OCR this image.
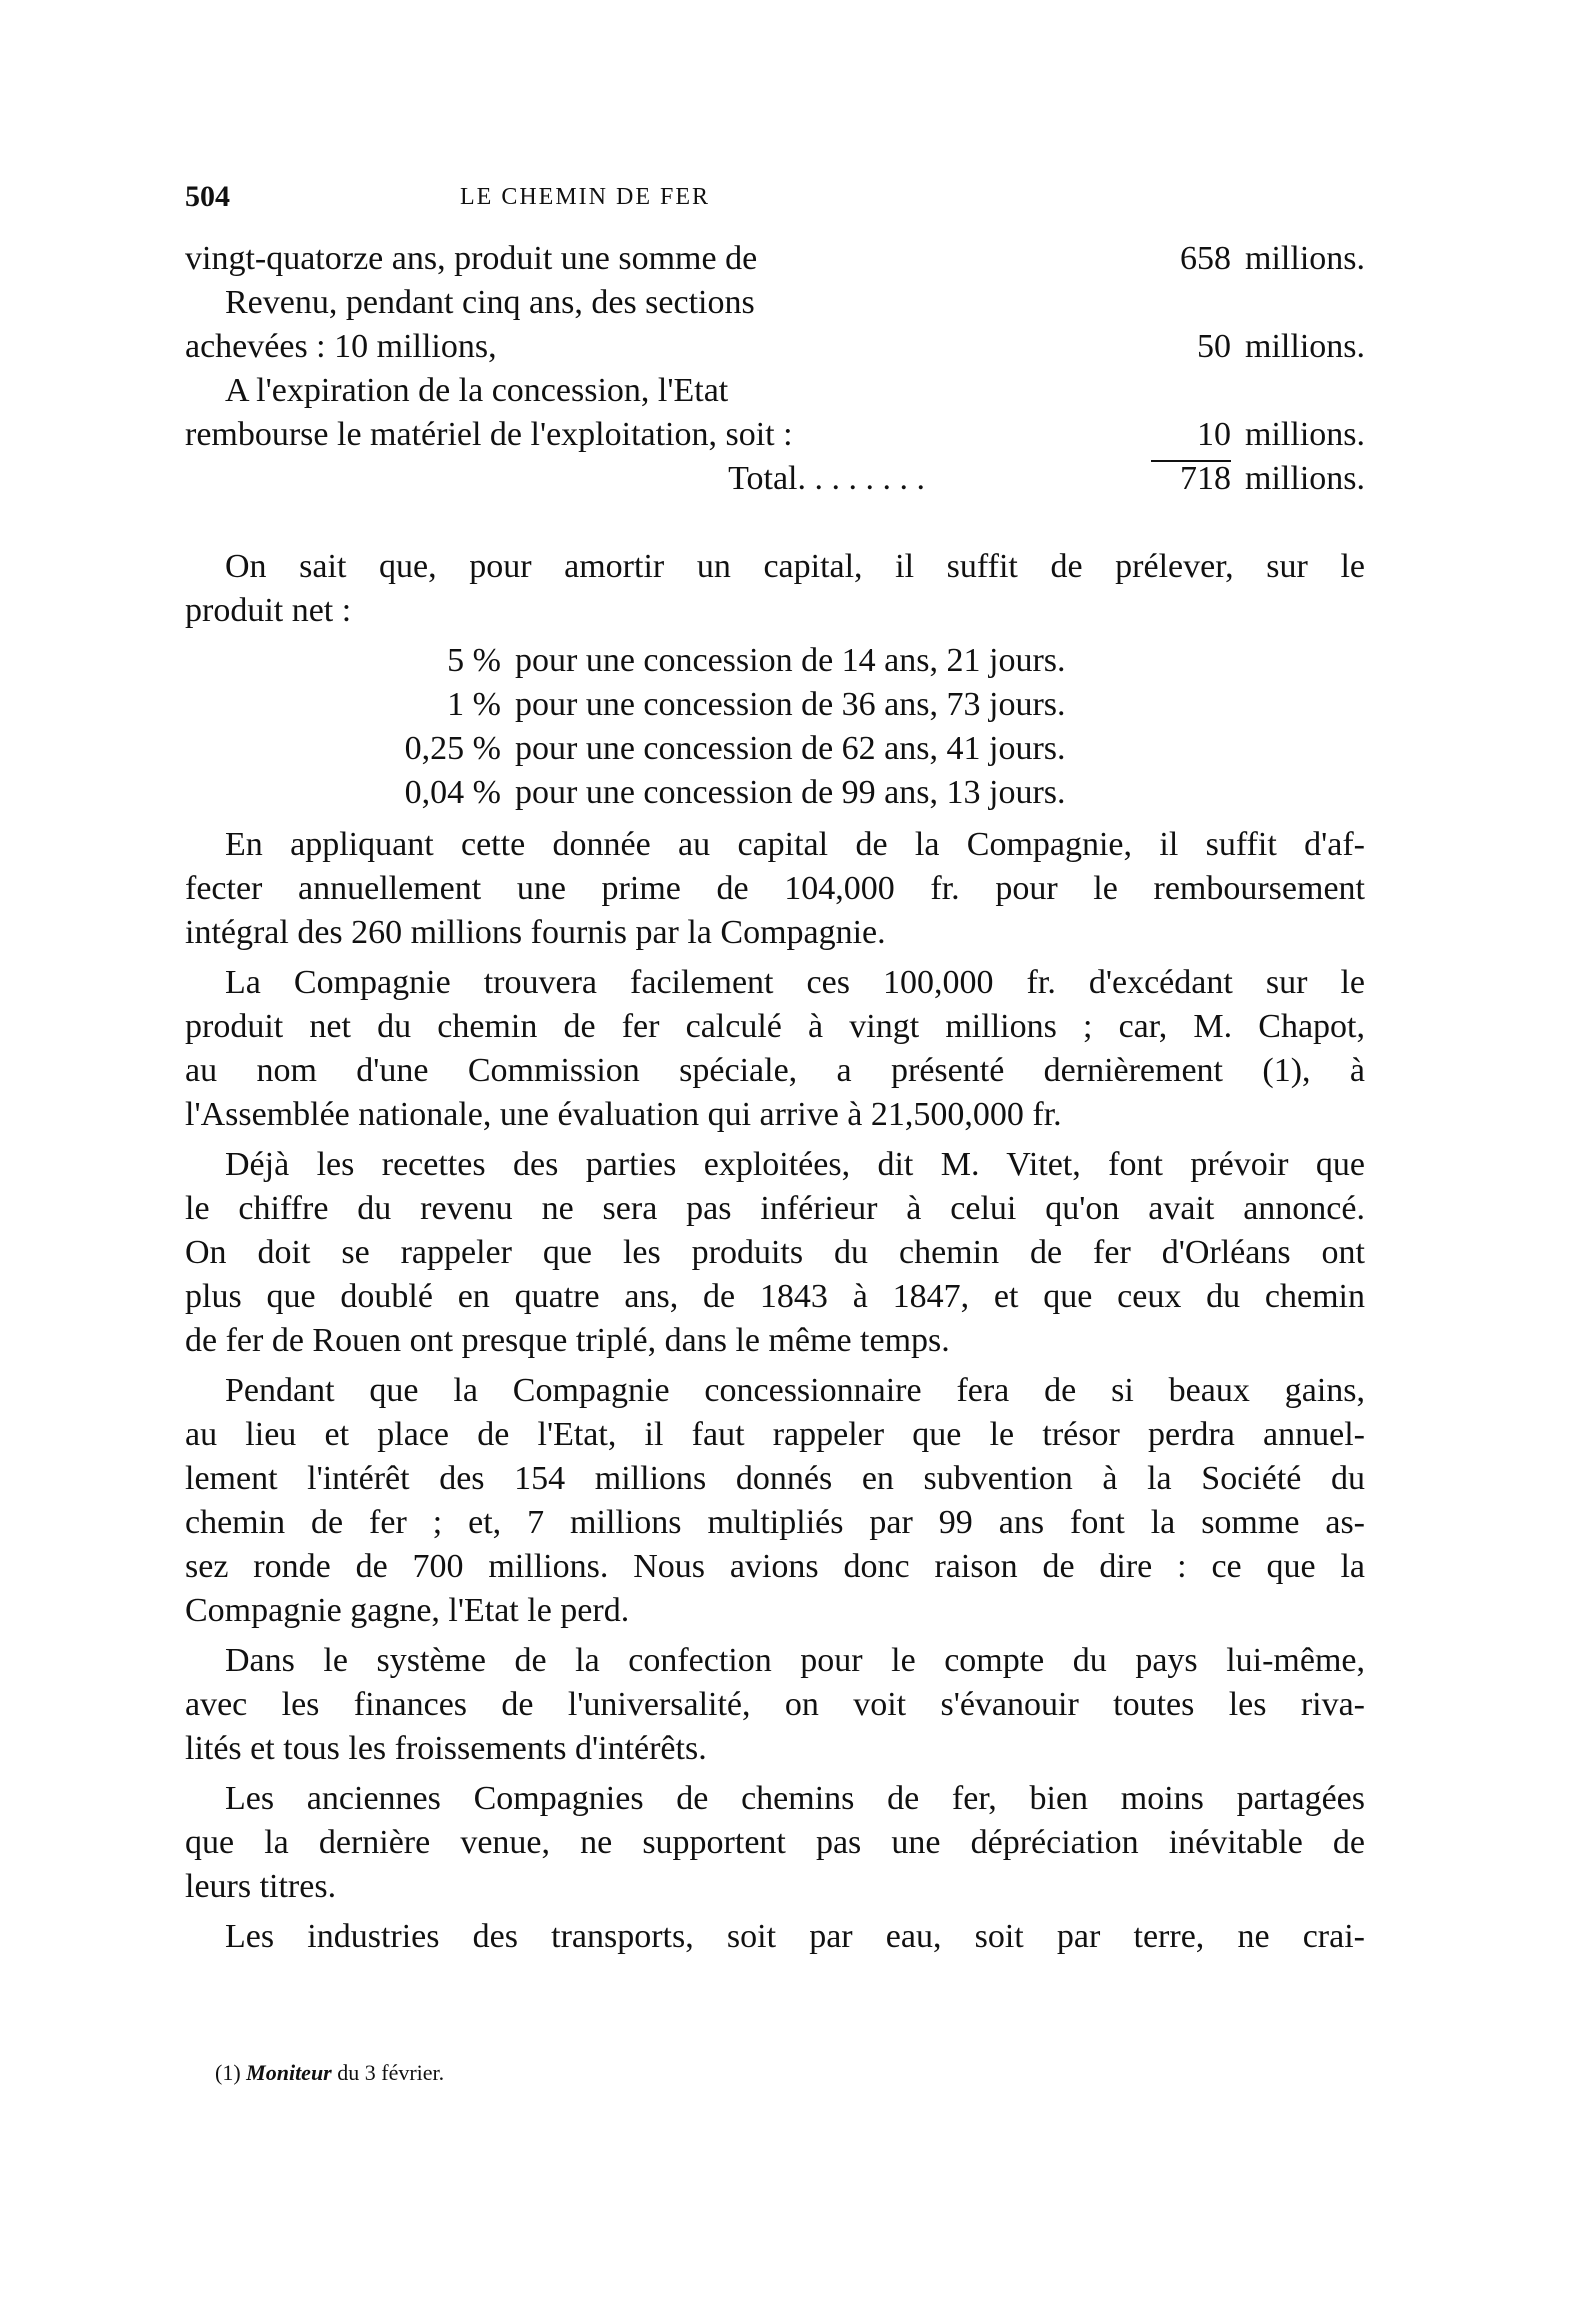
504	LE CHEMIN DE FER
vingt-quatorze ans, produit une somme de	658 millions.
Revenu, pendant cinq ans, des sections
achevées : 10 millions,	50 millions.
A l'expiration de la concession, l'Etat
rembourse le matériel de l'exploitation, soit :	10 millions.
Total. . . . . . . .	718 millions.

On sait que, pour amortir un capital, il suffit de prélever, sur le
produit net :

5 % pour une concession de 14 ans, 21 jours.
1 % pour une concession de 36 ans, 73 jours.
0,25 % pour une concession de 62 ans, 41 jours.
0,04 % pour une concession de 99 ans, 13 jours.

En appliquant cette donnée au capital de la Compagnie, il suffit d'af-
fecter annuellement une prime de 104,000 fr. pour le remboursement
intégral des 260 millions fournis par la Compagnie.

La Compagnie trouvera facilement ces 100,000 fr. d'excédant sur le
produit net du chemin de fer calculé à vingt millions ; car, M. Chapot,
au nom d'une Commission spéciale, a présenté dernièrement (1), à
l'Assemblée nationale, une évaluation qui arrive à 21,500,000 fr.

Déjà les recettes des parties exploitées, dit M. Vitet, font prévoir que
le chiffre du revenu ne sera pas inférieur à celui qu'on avait annoncé.
On doit se rappeler que les produits du chemin de fer d'Orléans ont
plus que doublé en quatre ans, de 1843 à 1847, et que ceux du chemin
de fer de Rouen ont presque triplé, dans le même temps.

Pendant que la Compagnie concessionnaire fera de si beaux gains,
au lieu et place de l'Etat, il faut rappeler que le trésor perdra annuel-
lement l'intérêt des 154 millions donnés en subvention à la Société du
chemin de fer ; et, 7 millions multipliés par 99 ans font la somme as-
sez ronde de 700 millions. Nous avions donc raison de dire : ce que la
Compagnie gagne, l'Etat le perd.

Dans le système de la confection pour le compte du pays lui-même,
avec les finances de l'universalité, on voit s'évanouir toutes les riva-
lités et tous les froissements d'intérêts.

Les anciennes Compagnies de chemins de fer, bien moins partagées
que la dernière venue, ne supportent pas une dépréciation inévitable de
leurs titres.

Les industries des transports, soit par eau, soit par terre, ne crai-

(1) Moniteur du 3 février.
